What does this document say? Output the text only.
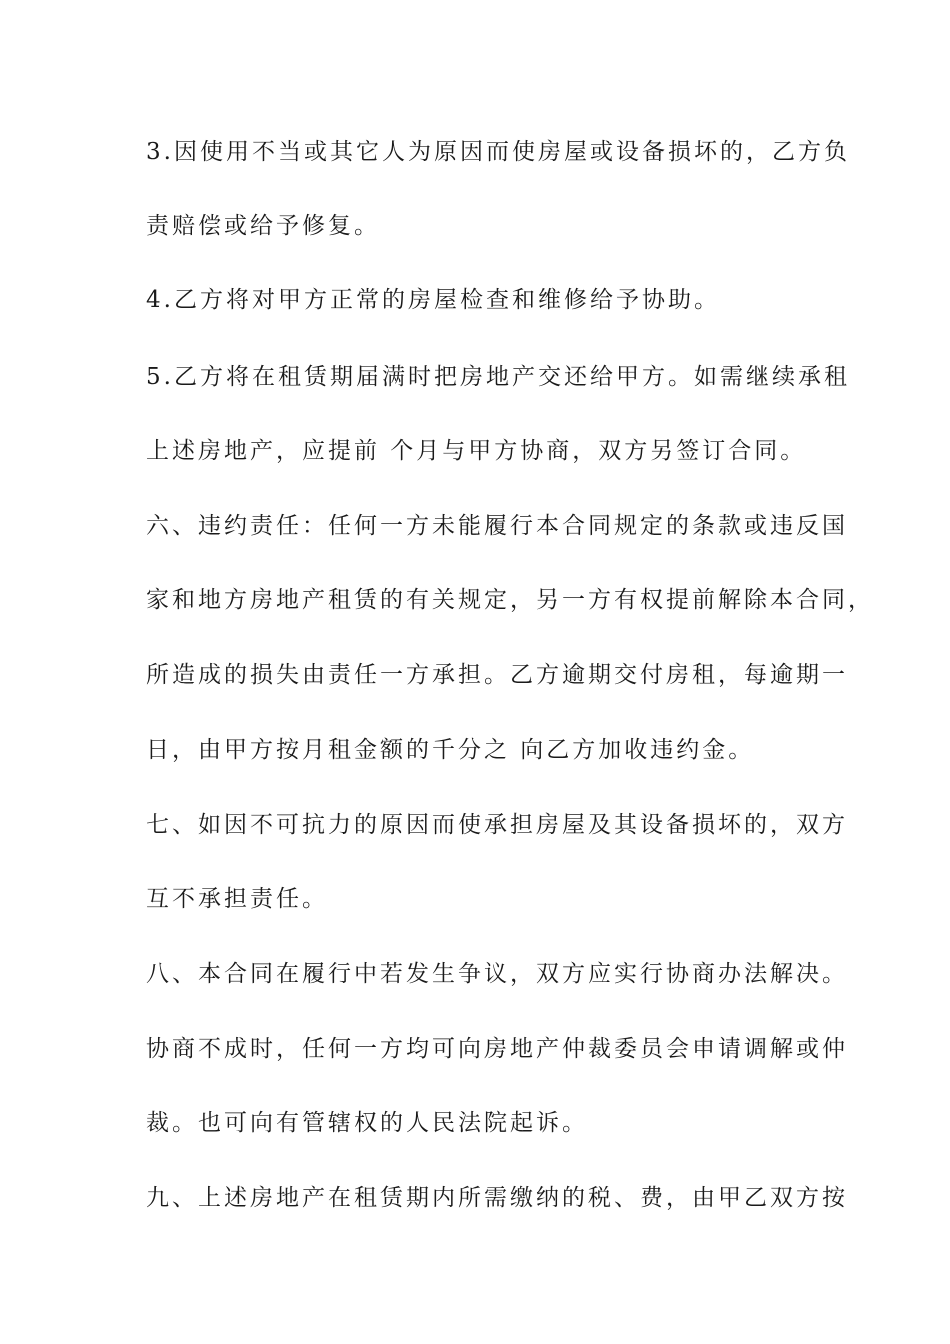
3.因使用不当或其它人为原因而使房屋或设备损坏的，乙方负
责赔偿或给予修复。
4.乙方将对甲方正常的房屋检查和维修给予协助。
5.乙方将在租赁期届满时把房地产交还给甲方。如需继续承租
上述房地产，应提前 个月与甲方协商，双方另签订合同。
六、违约责任：任何一方未能履行本合同规定的条款或违反国
家和地方房地产租赁的有关规定，另一方有权提前解除本合同，
所造成的损失由责任一方承担。乙方逾期交付房租，每逾期一
日，由甲方按月租金额的千分之 向乙方加收违约金。
七、如因不可抗力的原因而使承担房屋及其设备损坏的，双方
互不承担责任。
八、本合同在履行中若发生争议，双方应实行协商办法解决。
协商不成时，任何一方均可向房地产仲裁委员会申请调解或仲
裁。也可向有管辖权的人民法院起诉。
九、上述房地产在租赁期内所需缴纳的税、费，由甲乙双方按
